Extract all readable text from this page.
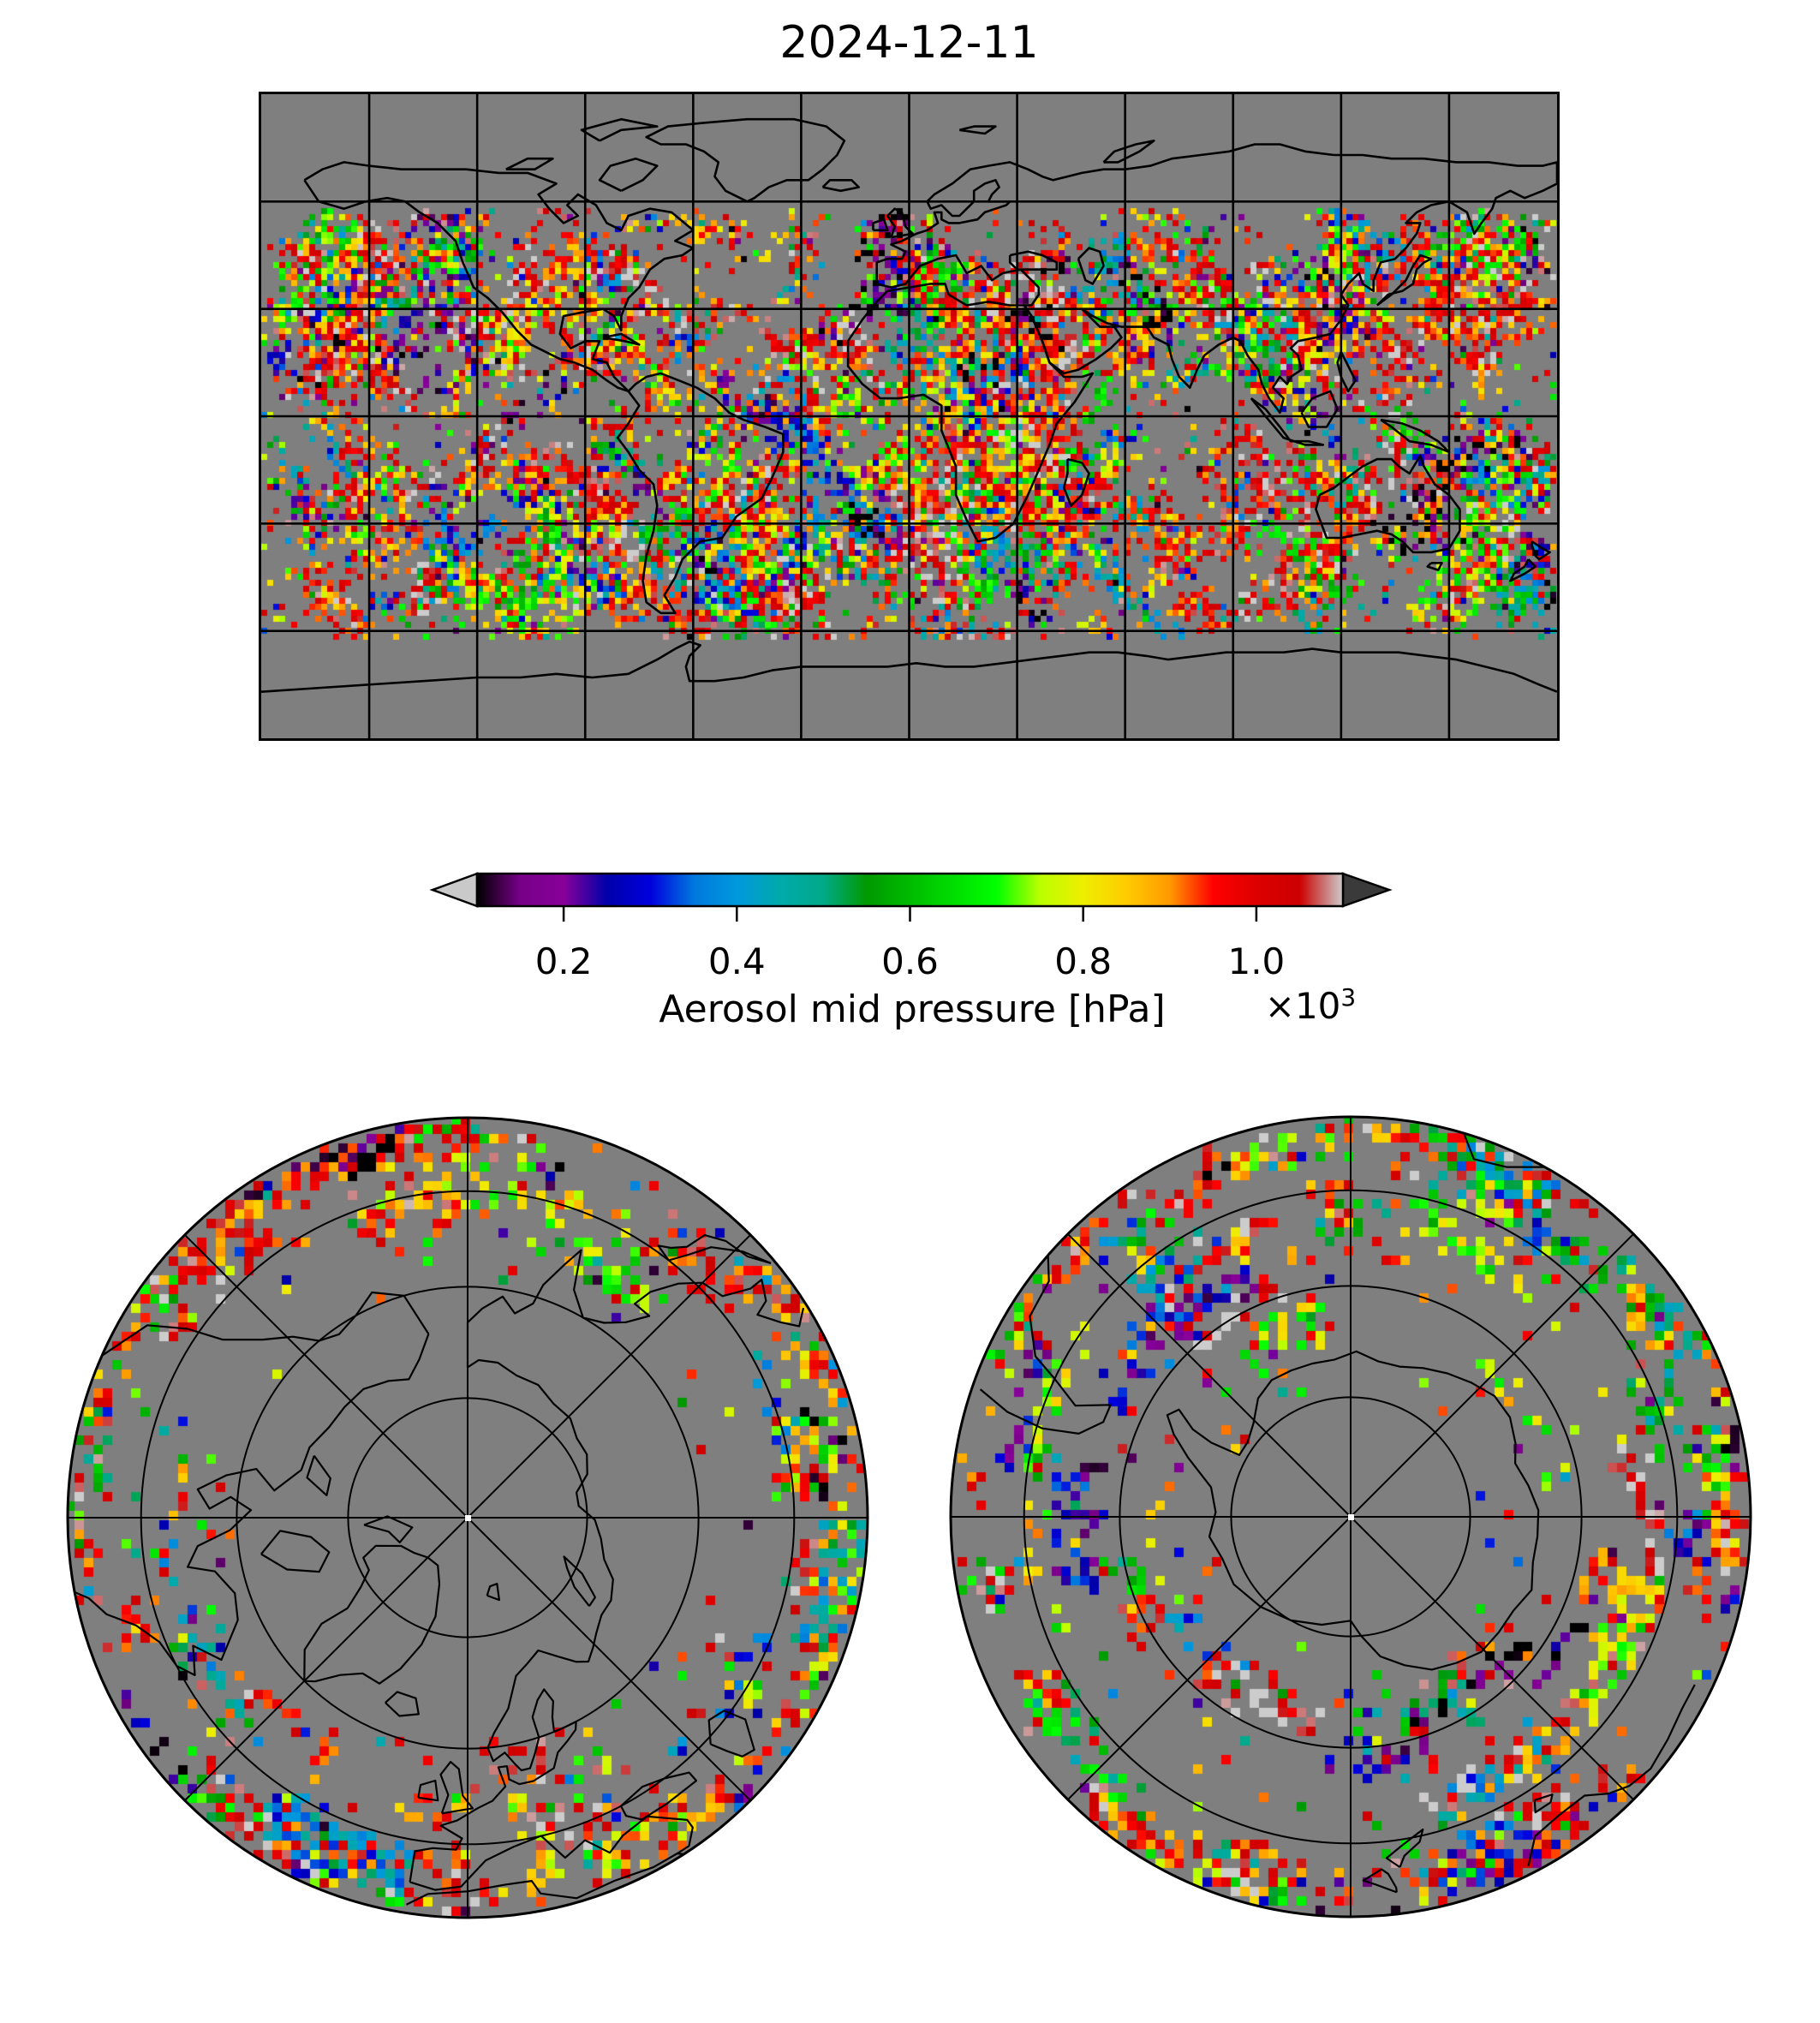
2024-12-11
0.2	0.4	0.6	0.8	1.0
Aerosol mid pressure [hPa]	$\times 10^3$
